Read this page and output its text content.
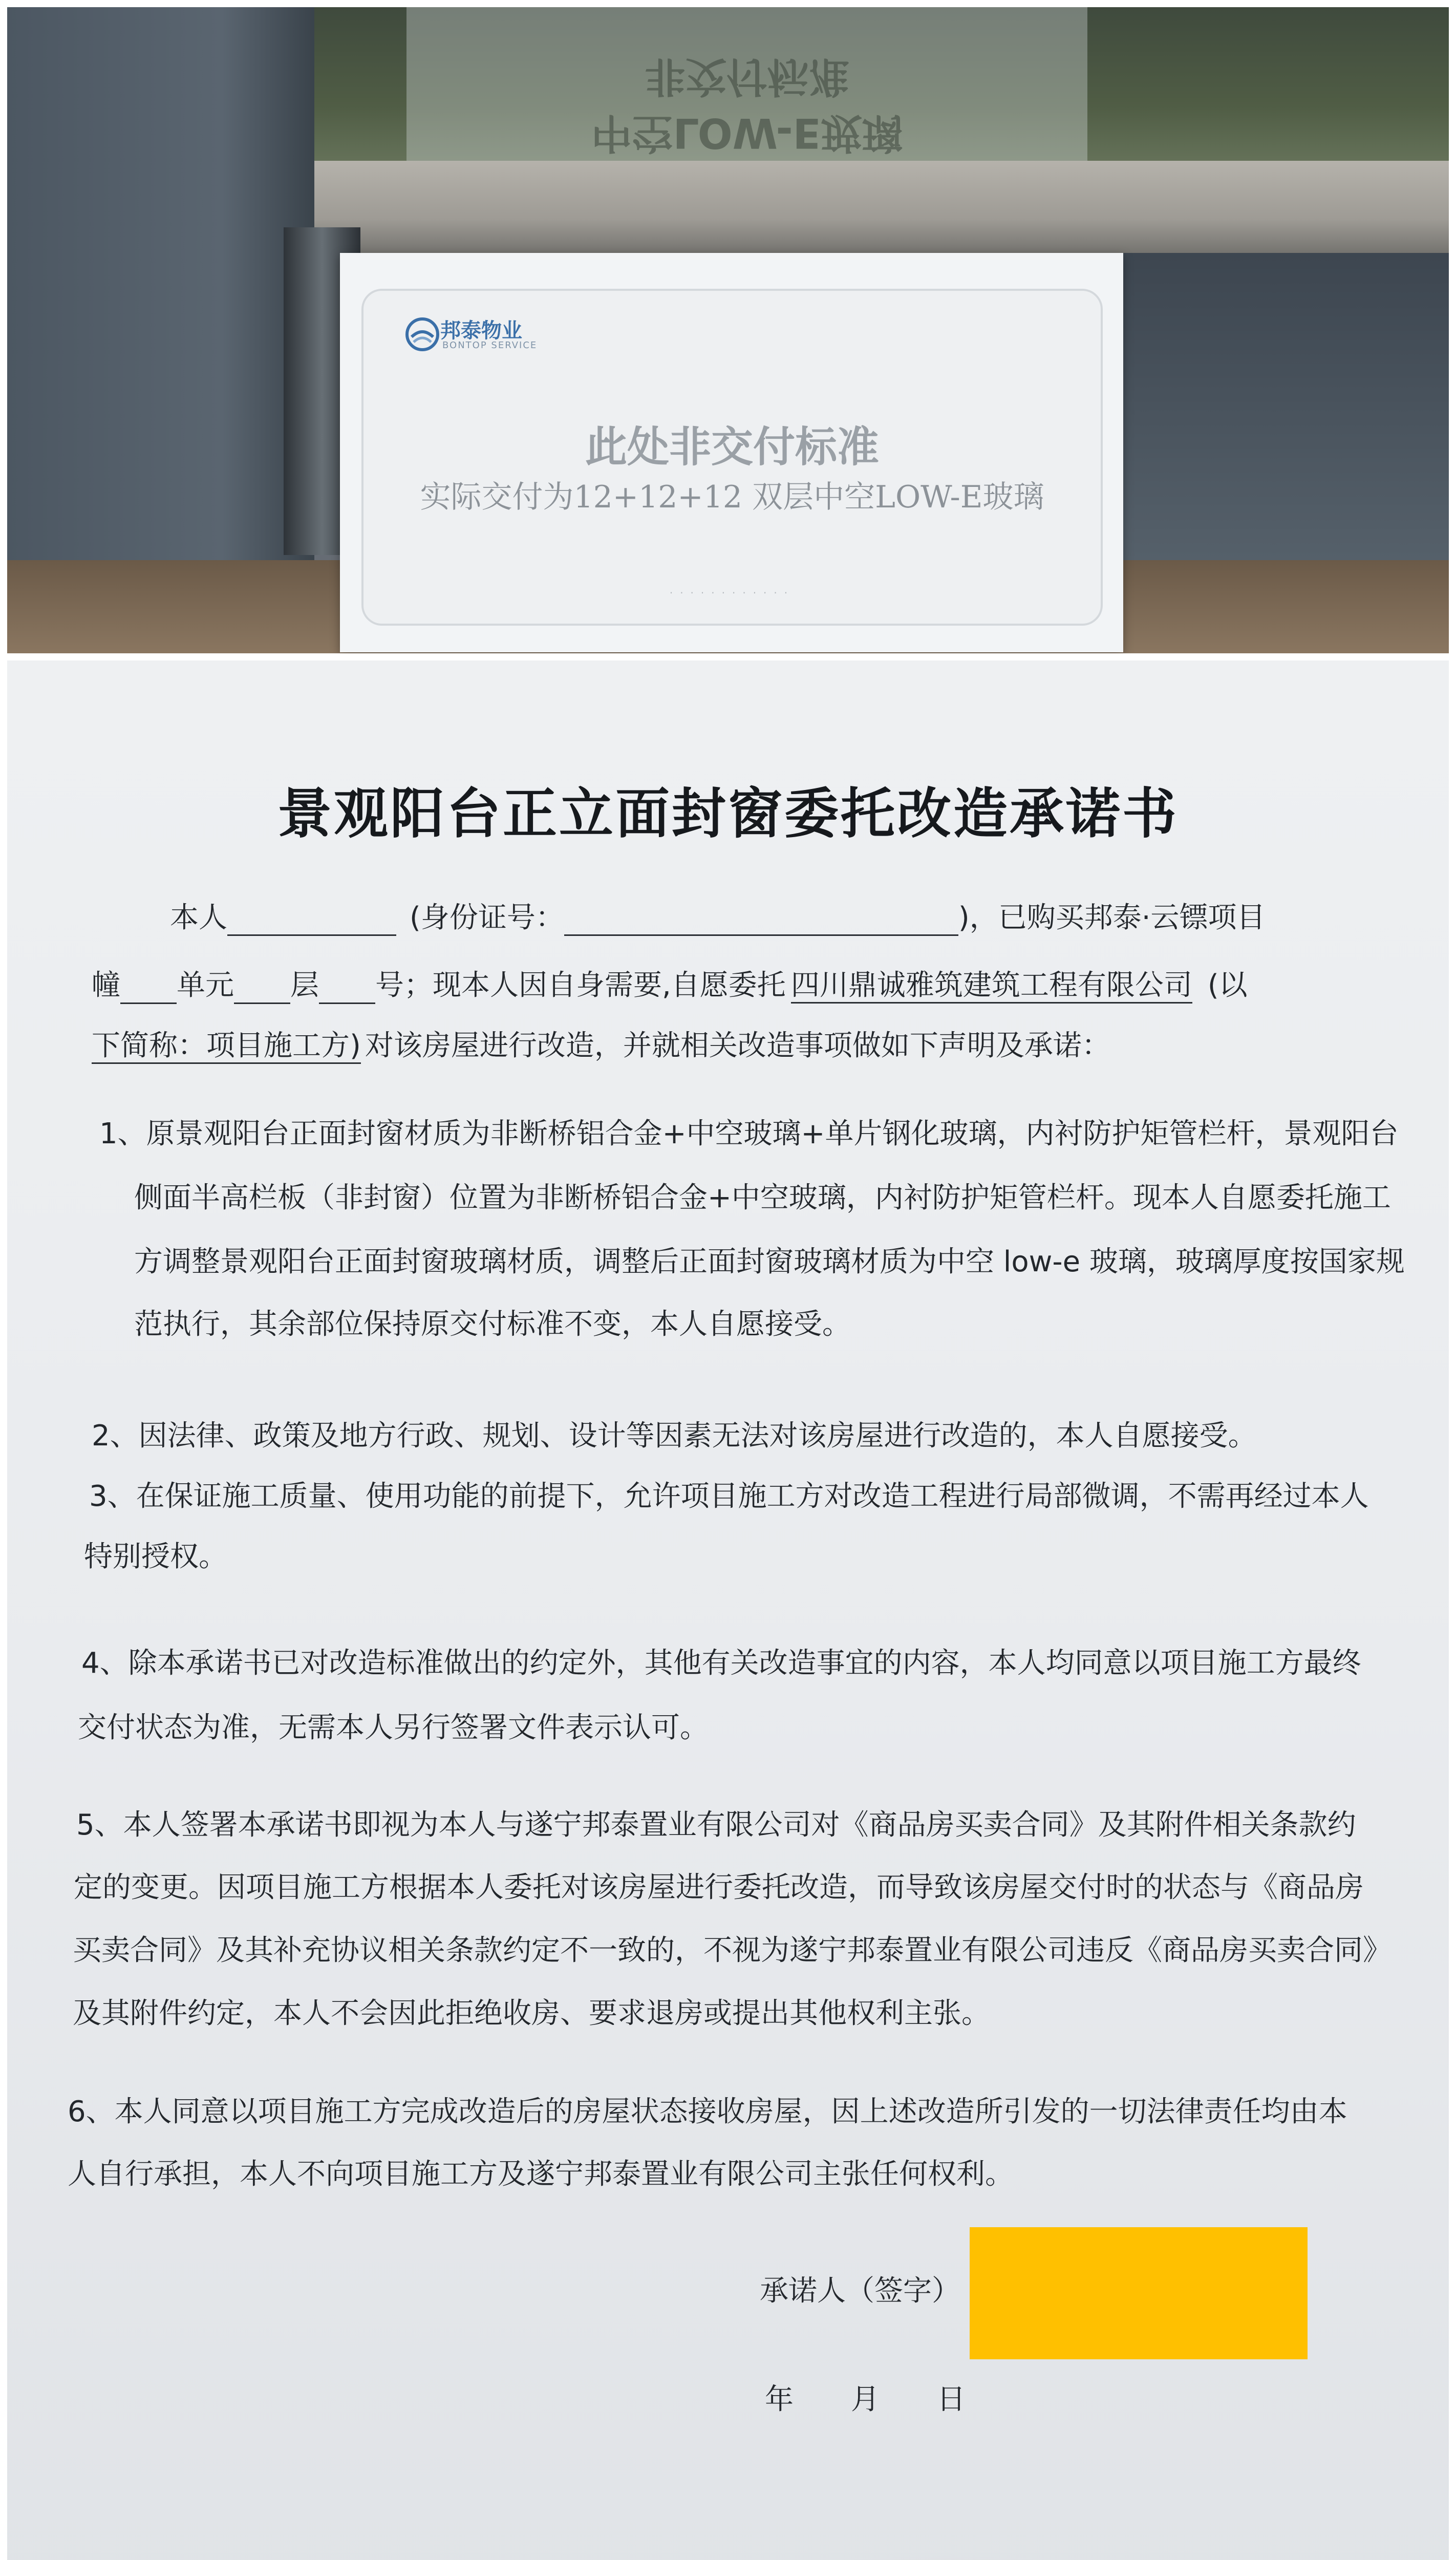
中空LOW-E玻璃
非交付标准
邦泰物业
BONTOP SERVICE
此处非交付标准
实际交付为12+12+12 双层中空LOW-E玻璃
············
景观阳台正立面封窗委托改造承诺书
本人	(身份证号：	)，已购买邦泰·云镖项目
幢 单元 层 号；现本人因自身需要,自愿委托 四川鼎诚雅筑建筑工程有限公司 (以
下简称：项目施工方) 对该房屋进行改造，并就相关改造事项做如下声明及承诺：
1、原景观阳台正面封窗材质为非断桥铝合金+中空玻璃+单片钢化玻璃，内衬防护矩管栏杆，景观阳台
侧面半高栏板（非封窗）位置为非断桥铝合金+中空玻璃，内衬防护矩管栏杆。现本人自愿委托施工
方调整景观阳台正面封窗玻璃材质，调整后正面封窗玻璃材质为中空 low-e 玻璃，玻璃厚度按国家规
范执行，其余部位保持原交付标准不变，本人自愿接受。
2、因法律、政策及地方行政、规划、设计等因素无法对该房屋进行改造的，本人自愿接受。
3、在保证施工质量、使用功能的前提下，允许项目施工方对改造工程进行局部微调，不需再经过本人
特别授权。
4、除本承诺书已对改造标准做出的约定外，其他有关改造事宜的内容，本人均同意以项目施工方最终
交付状态为准，无需本人另行签署文件表示认可。
5、本人签署本承诺书即视为本人与遂宁邦泰置业有限公司对《商品房买卖合同》及其附件相关条款约
定的变更。因项目施工方根据本人委托对该房屋进行委托改造，而导致该房屋交付时的状态与《商品房
买卖合同》及其补充协议相关条款约定不一致的，不视为遂宁邦泰置业有限公司违反《商品房买卖合同》
及其附件约定，本人不会因此拒绝收房、要求退房或提出其他权利主张。
6、本人同意以项目施工方完成改造后的房屋状态接收房屋，因上述改造所引发的一切法律责任均由本
人自行承担，本人不向项目施工方及遂宁邦泰置业有限公司主张任何权利。
承诺人（签字）
年　　月　　日
